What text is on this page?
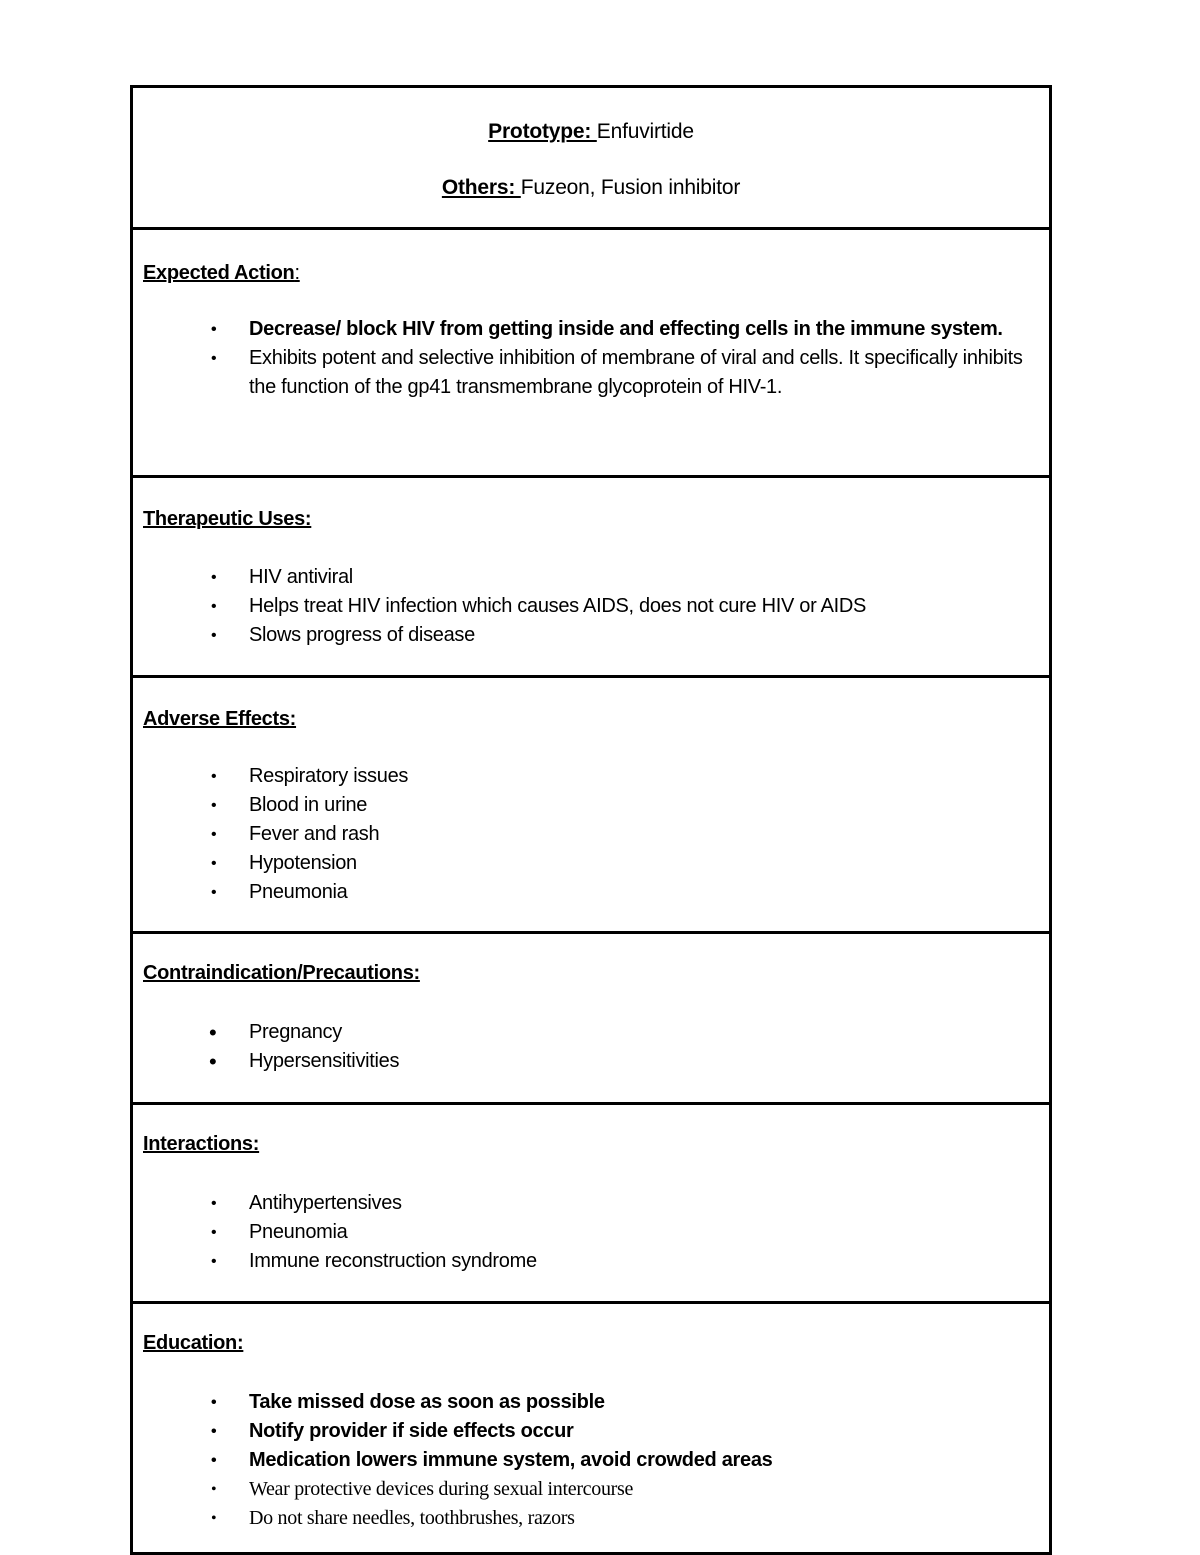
Prototype: Enfuvirtide
Others: Fuzeon, Fusion inhibitor
Expected Action:
• Decrease/ block HIV from getting inside and effecting cells in the immune system.
• Exhibits potent and selective inhibition of membrane of viral and cells. It specifically inhibits the function of the gp41 transmembrane glycoprotein of HIV-1.
Therapeutic Uses:
• HIV antiviral
• Helps treat HIV infection which causes AIDS, does not cure HIV or AIDS
• Slows progress of disease
Adverse Effects:
• Respiratory issues
• Blood in urine
• Fever and rash
• Hypotension
• Pneumonia
Contraindication/Precautions:
• Pregnancy
• Hypersensitivities
Interactions:
• Antihypertensives
• Pneunomia
• Immune reconstruction syndrome
Education:
• Take missed dose as soon as possible
• Notify provider if side effects occur
• Medication lowers immune system, avoid crowded areas
• Wear protective devices during sexual intercourse
• Do not share needles, toothbrushes, razors
